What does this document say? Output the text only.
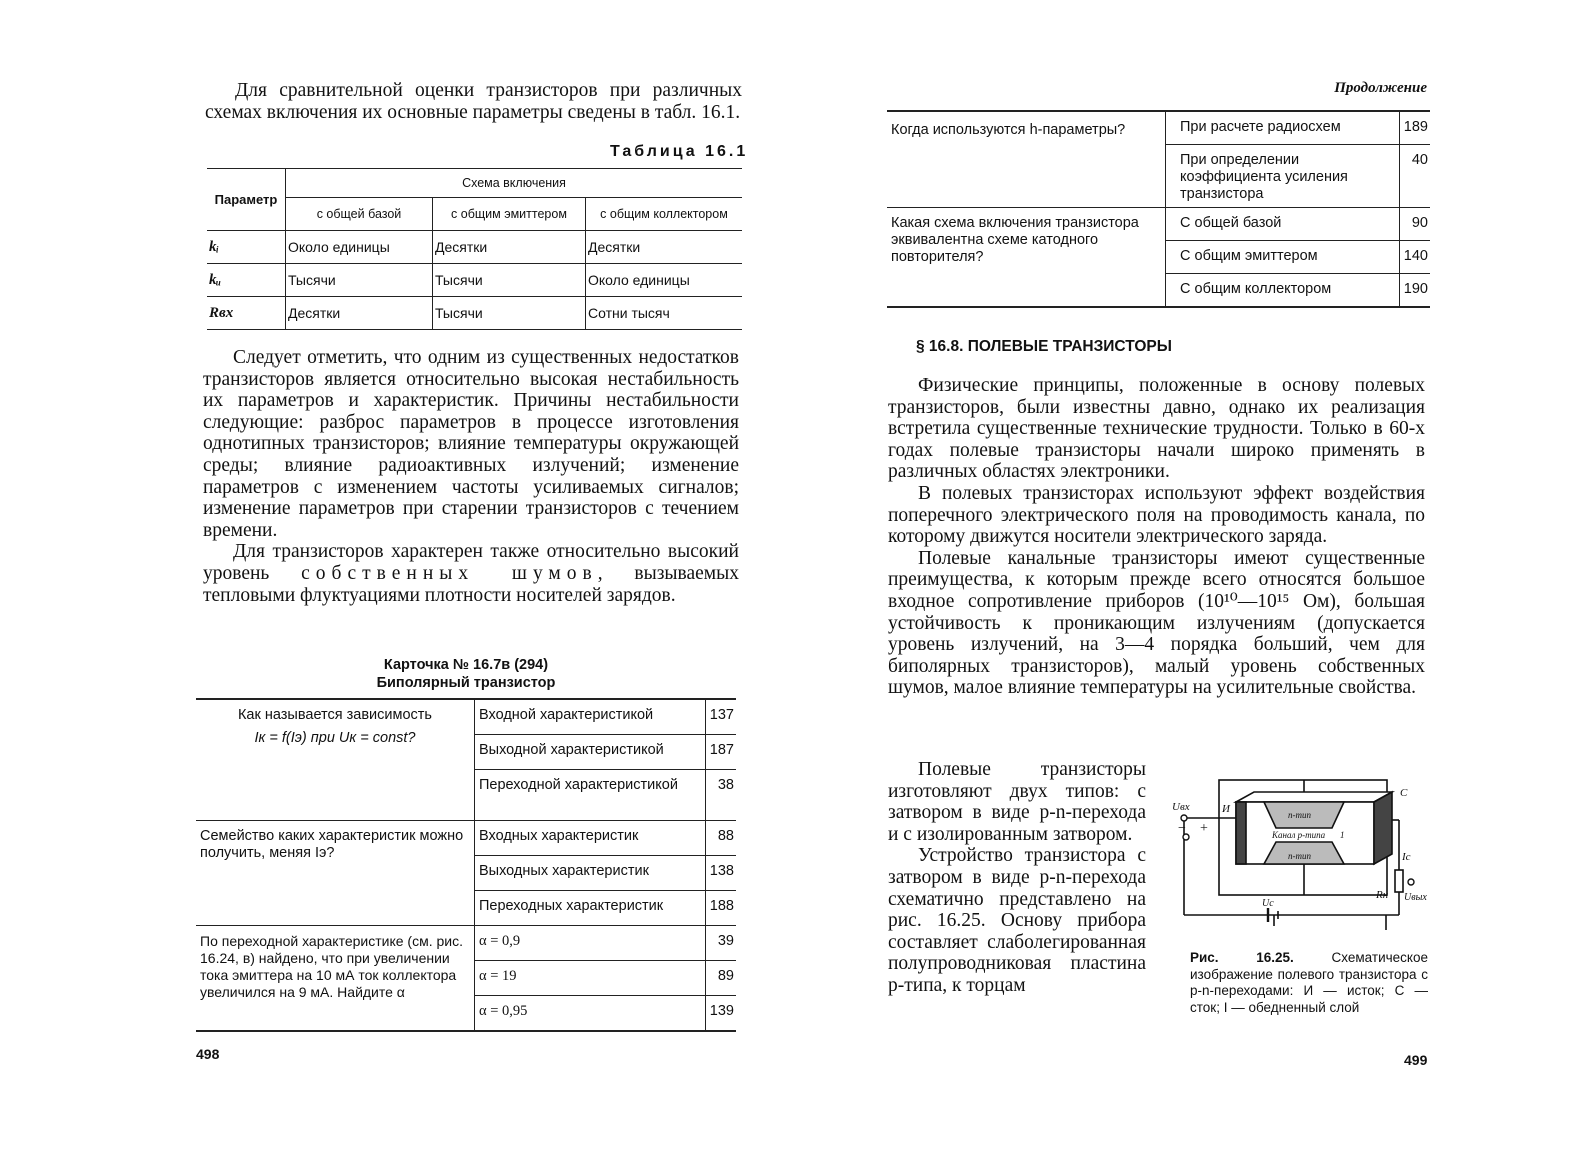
Для сравнительной оценки транзисторов при различных схемах включения их основные параметры сведены в табл. 16.1.

Таблица 16.1
Параметр	Схема включения		
	с общей базой	с общим эмиттером	с общим коллектором
kᵢ	Около единицы	Десятки	Десятки
kᵤ	Тысячи	Тысячи	Около единицы
Rвх	Десятки	Тысячи	Сотни тысяч

Следует отметить, что одним из существенных недостатков транзисторов является относительно высокая нестабильность их параметров и характеристик. Причины нестабильности следующие: разброс параметров в процессе изготовления однотипных транзисторов; влияние температуры окружающей среды; влияние радиоактивных излучений; изменение параметров с изменением частоты усиливаемых сигналов; изменение параметров при старении транзисторов с течением времени.

Для транзисторов характерен также относительно высокий уровень собственных шумов, вызываемых тепловыми флуктуациями плотности носителей зарядов.

Карточка № 16.7в (294)
Биполярный транзистор
Как называется зависимость
Iк = f(Iэ) при Uк = const?	Входной характеристикой	137
	Выходной характеристикой	187
	Переходной характеристикой	38
Семейство каких характеристик можно получить, меняя Iэ?	Входных характеристик	88
	Выходных характеристик	138
	Переходных характеристик	188
По переходной характеристике (см. рис. 16.24, в) найдено, что при увеличении тока эмиттера на 10 мА ток коллектора увеличился на 9 мА. Найдите α	α = 0,9	39
	α = 19	89
	α = 0,95	139
498
Продолжение
Когда используются h-параметры?	При расчете радиосхем	189
	При определении коэффициента усиления транзистора	40
Какая схема включения транзистора эквивалентна схеме катодного повторителя?	С общей базой	90
	С общим эмиттером	140
	С общим коллектором	190
§ 16.8. ПОЛЕВЫЕ ТРАНЗИСТОРЫ

Физические принципы, положенные в основу полевых транзисторов, были известны давно, однако их реализация встретила существенные технические трудности. Только в 60-х годах полевые транзисторы начали широко применять в различных областях электроники.

В полевых транзисторах используют эффект воздействия поперечного электрического поля на проводимость канала, по которому движутся носители электрического заряда.

Полевые канальные транзисторы имеют существенные преимущества, к которым прежде всего относятся большое входное сопротивление приборов (10¹⁰—10¹⁵ Ом), большая устойчивость к проникающим излучениям (допускается уровень излучений, на 3—4 порядка больший, чем для биполярных транзисторов), малый уровень собственных шумов, малое влияние температуры на усилительные свойства.

Полевые транзисторы изготовляют двух типов: с затвором в виде p-n-перехода и с изолированным затвором.

Устройство транзистора с затвором в виде p-n-перехода схематично представлено на рис. 16.25. Основу прибора составляет слаболегированная полупроводниковая пластина p-типа, к торцам

Uвх
− +
И
С
n-тип
Канал p-типа
n-тип
1
Iс
Rн Uвых
Uс
Рис. 16.25.	Схематическое изображение полевого транзистора с p-n-переходами: И — исток; С — сток; I — обедненный слой
499
